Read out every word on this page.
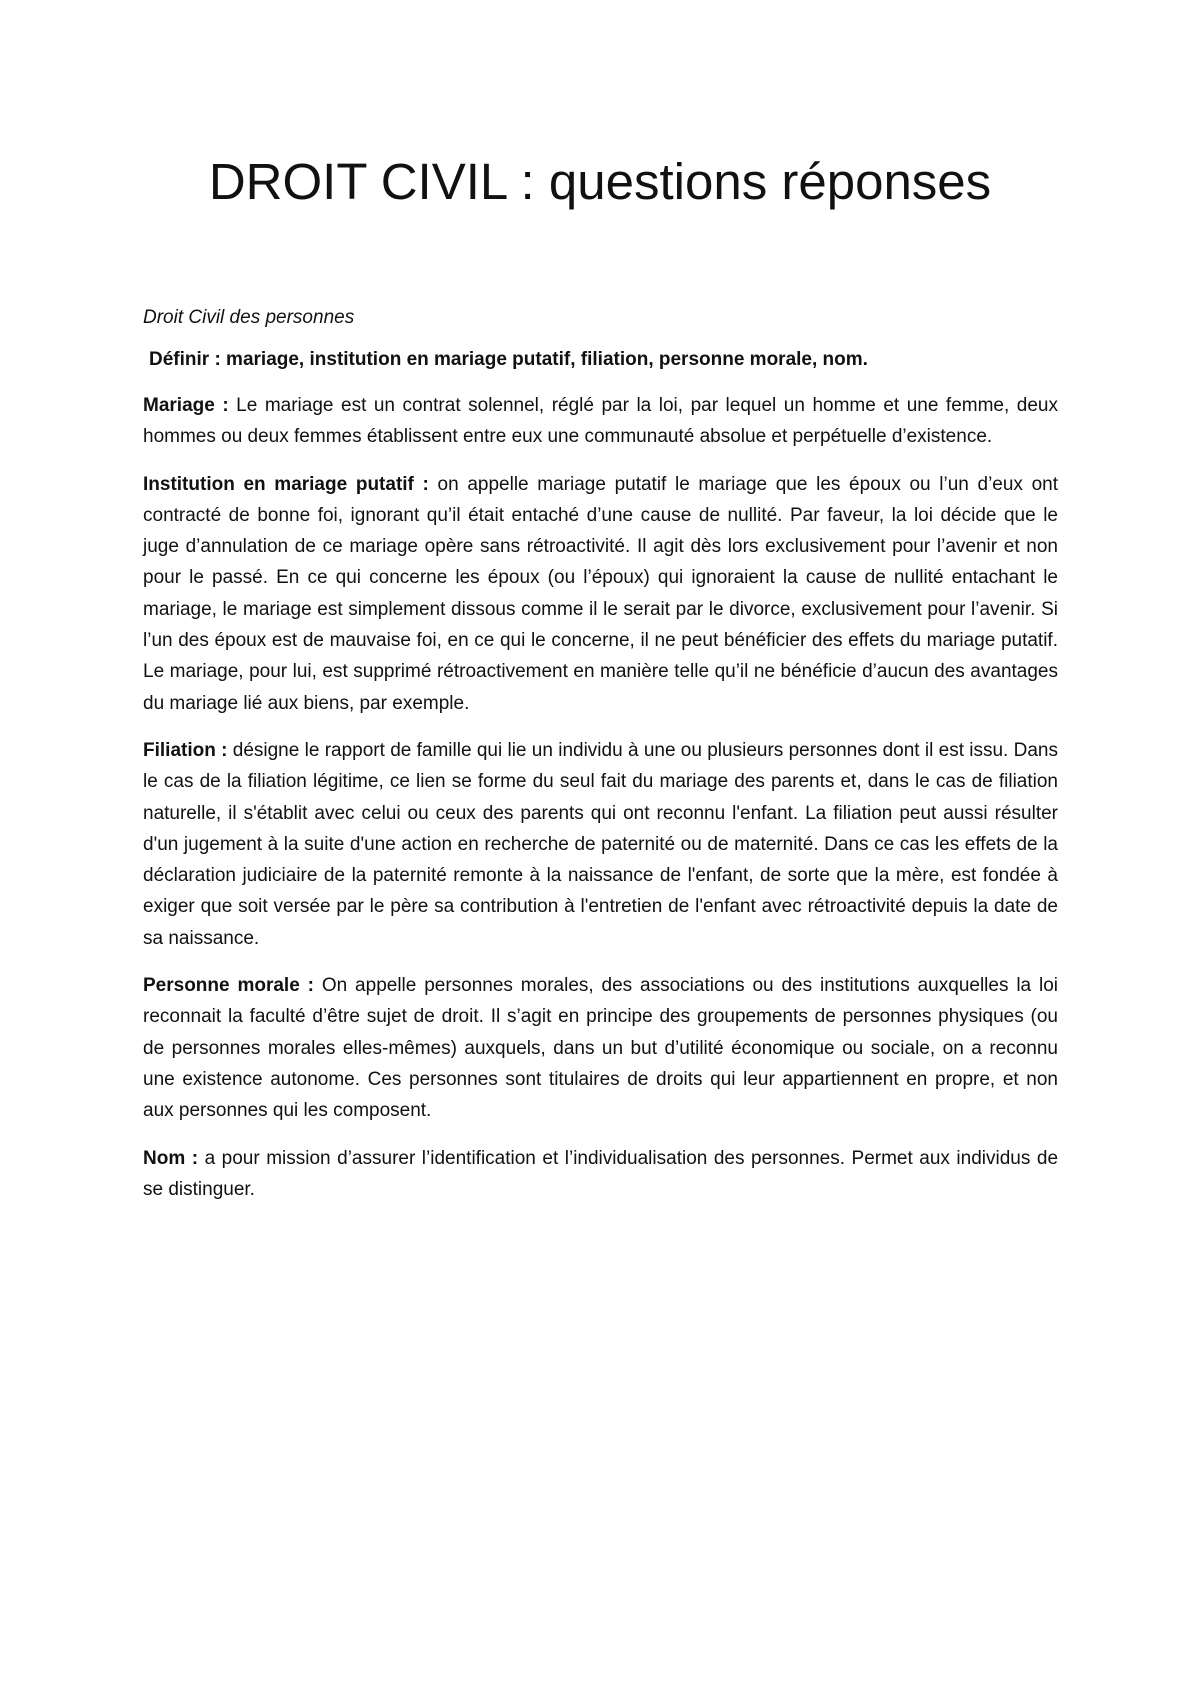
DROIT CIVIL : questions réponses

Droit Civil des personnes

Définir : mariage, institution en mariage putatif, filiation, personne morale, nom.

Mariage : Le mariage est un contrat solennel, réglé par la loi, par lequel un homme et une femme, deux hommes ou deux femmes établissent entre eux une communauté absolue et perpétuelle d’existence.

Institution en mariage putatif : on appelle mariage putatif le mariage que les époux ou l’un d’eux ont contracté de bonne foi, ignorant qu’il était entaché d’une cause de nullité. Par faveur, la loi décide que le juge d’annulation de ce mariage opère sans rétroactivité. Il agit dès lors exclusivement pour l’avenir et non pour le passé. En ce qui concerne les époux (ou l’époux) qui ignoraient la cause de nullité entachant le mariage, le mariage est simplement dissous comme il le serait par le divorce, exclusivement pour l’avenir. Si l’un des époux est de mauvaise foi, en ce qui le concerne, il ne peut bénéficier des effets du mariage putatif. Le mariage, pour lui, est supprimé rétroactivement en manière telle qu’il ne bénéficie d’aucun des avantages du mariage lié aux biens, par exemple.

Filiation : désigne le rapport de famille qui lie un individu à une ou plusieurs personnes dont il est issu. Dans le cas de la filiation légitime, ce lien se forme du seul fait du mariage des parents et, dans le cas de filiation naturelle, il s'établit avec celui ou ceux des parents qui ont reconnu l'enfant. La filiation peut aussi résulter d'un jugement à la suite d'une action en recherche de paternité ou de maternité. Dans ce cas les effets de la déclaration judiciaire de la paternité remonte à la naissance de l'enfant, de sorte que la mère, est fondée à exiger que soit versée par le père sa contribution à l'entretien de l'enfant avec rétroactivité depuis la date de sa naissance.

Personne morale : On appelle personnes morales, des associations ou des institutions auxquelles la loi reconnait la faculté d’être sujet de droit. Il s’agit en principe des groupements de personnes physiques (ou de personnes morales elles-mêmes) auxquels, dans un but d’utilité économique ou sociale, on a reconnu une existence autonome. Ces personnes sont titulaires de droits qui leur appartiennent en propre, et non aux personnes qui les composent.

Nom : a pour mission d’assurer l’identification et l’individualisation des personnes. Permet aux individus de se distinguer.
